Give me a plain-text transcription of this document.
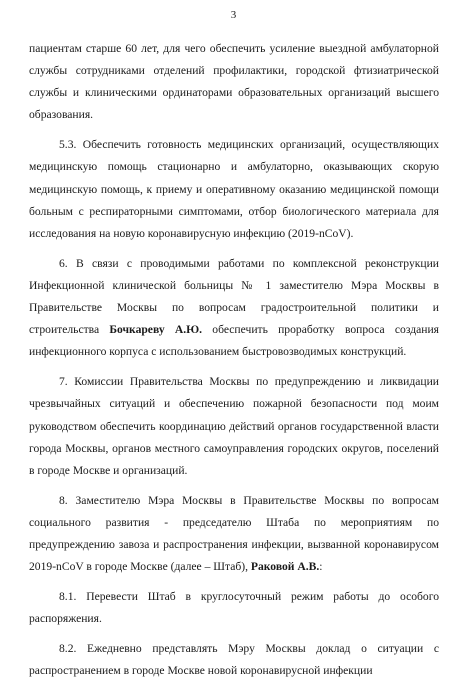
3

пациентам старше 60 лет, для чего обеспечить усиление выездной амбулаторной службы сотрудниками отделений профилактики, городской фтизиатрической службы и клиническими ординаторами образовательных организаций высшего образования.

5.3. Обеспечить готовность медицинских организаций, осуществляющих медицинскую помощь стационарно и амбулаторно, оказывающих скорую медицинскую помощь, к приему и оперативному оказанию медицинской помощи больным с респираторными симптомами, отбор биологического материала для исследования на новую коронавирусную инфекцию (2019-nCoV).

6. В связи с проводимыми работами по комплексной реконструкции Инфекционной клинической больницы № 1 заместителю Мэра Москвы в Правительстве Москвы по вопросам градостроительной политики и строительства Бочкареву А.Ю. обеспечить проработку вопроса создания инфекционного корпуса с использованием быстровозводимых конструкций.

7. Комиссии Правительства Москвы по предупреждению и ликвидации чрезвычайных ситуаций и обеспечению пожарной безопасности под моим руководством обеспечить координацию действий органов государственной власти города Москвы, органов местного самоуправления городских округов, поселений в городе Москве и организаций.

8. Заместителю Мэра Москвы в Правительстве Москвы по вопросам социального развития - председателю Штаба по мероприятиям по предупреждению завоза и распространения инфекции, вызванной коронавирусом 2019-nCoV в городе Москве (далее – Штаб), Раковой А.В.:

8.1. Перевести Штаб в круглосуточный режим работы до особого распоряжения.

8.2. Ежедневно представлять Мэру Москвы доклад о ситуации с распространением в городе Москве новой коронавирусной инфекции
